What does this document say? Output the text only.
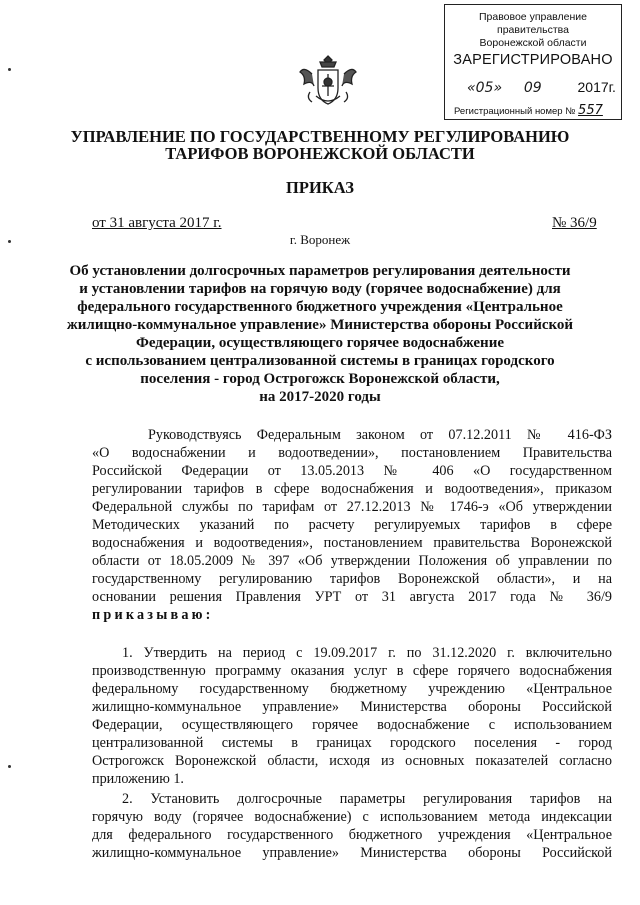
Правовое управление правительства
Воронежской области
ЗАРЕГИСТРИРОВАНО
«05» 09	2017г.
Регистрационный номер № 557
УПРАВЛЕНИЕ ПО ГОСУДАРСТВЕННОМУ РЕГУЛИРОВАНИЮ
ТАРИФОВ ВОРОНЕЖСКОЙ ОБЛАСТИ
ПРИКАЗ
от 31 августа 2017 г.	№ 36/9
г. Воронеж
Об установлении долгосрочных параметров регулирования деятельности
и установлении тарифов на горячую воду (горячее водоснабжение) для
федерального государственного бюджетного учреждения «Центральное
жилищно-коммунальное управление» Министерства обороны Российской
Федерации, осуществляющего горячее водоснабжение
с использованием централизованной системы в границах городского
поселения - город Острогожск Воронежской области,
на 2017-2020 годы
Руководствуясь Федеральным законом от 07.12.2011 № 416-ФЗ
«О водоснабжении и водоотведении», постановлением Правительства
Российской Федерации от 13.05.2013 № 406 «О государственном
регулировании тарифов в сфере водоснабжения и водоотведения», приказом
Федеральной службы по тарифам от 27.12.2013 № 1746-э «Об утверждении
Методических указаний по расчету регулируемых тарифов в сфере
водоснабжения и водоотведения», постановлением правительства Воронежской
области от 18.05.2009 № 397 «Об утверждении Положения об управлении по
государственному регулированию тарифов Воронежской области», и на
основании решения Правления УРТ от 31 августа 2017 года № 36/9
приказываю:
1. Утвердить на период с 19.09.2017 г. по 31.12.2020 г. включительно
производственную программу оказания услуг в сфере горячего водоснабжения
федеральному государственному бюджетному учреждению «Центральное
жилищно-коммунальное управление» Министерства обороны Российской
Федерации, осуществляющего горячее водоснабжение с использованием
централизованной системы в границах городского поселения - город
Острогожск Воронежской области, исходя из основных показателей согласно
приложению 1.
2. Установить долгосрочные параметры регулирования тарифов на
горячую воду (горячее водоснабжение) с использованием метода индексации
для федерального государственного бюджетного учреждения «Центральное
жилищно-коммунальное управление» Министерства обороны Российской
